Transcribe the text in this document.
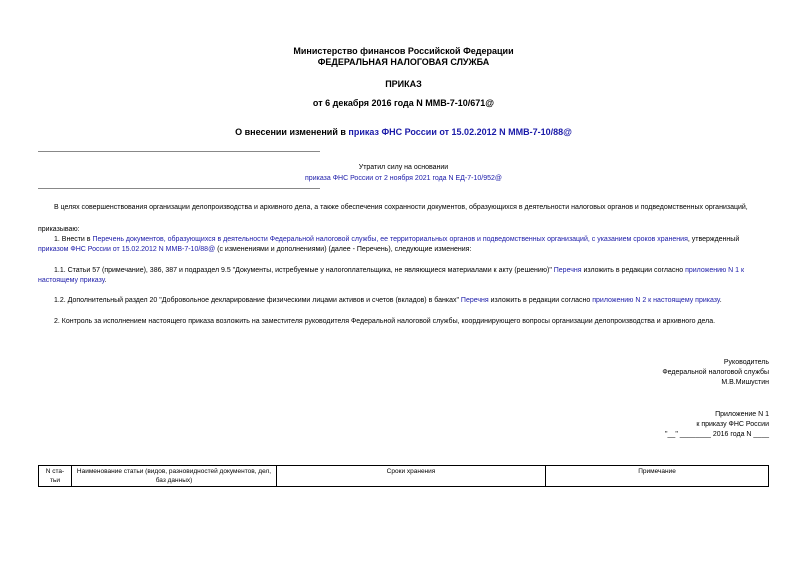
Министерство финансов Российской Федерации
ФЕДЕРАЛЬНАЯ НАЛОГОВАЯ СЛУЖБА
ПРИКАЗ
от 6 декабря 2016 года N ММВ-7-10/671@
О внесении изменений в приказ ФНС России от 15.02.2012 N ММВ-7-10/88@
Утратил силу на основании
приказа ФНС России от 2 ноября 2021 года N ЕД-7-10/952@
В целях совершенствования организации делопроизводства и архивного дела, а также обеспечения сохранности документов, образующихся в деятельности налоговых органов и подведомственных организаций,
приказываю:
1. Внести в Перечень документов, образующихся в деятельности Федеральной налоговой службы, ее территориальных органов и подведомственных организаций, с указанием сроков хранения, утвержденный приказом ФНС России от 15.02.2012 N ММВ-7-10/88@ (с изменениями и дополнениями) (далее - Перечень), следующие изменения:
1.1. Статьи 57 (примечание), 386, 387 и подраздел 9.5 "Документы, истребуемые у налогоплательщика, не являющиеся материалами к акту (решению)" Перечня изложить в редакции согласно приложению N 1 к настоящему приказу.
1.2. Дополнительный раздел 20 "Добровольное декларирование физическими лицами активов и счетов (вкладов) в банках" Перечня изложить в редакции согласно приложению N 2 к настоящему приказу.
2. Контроль за исполнением настоящего приказа возложить на заместителя руководителя Федеральной налоговой службы, координирующего вопросы организации делопроизводства и архивного дела.
Руководитель
Федеральной налоговой службы
М.В.Мишустин
Приложение N 1
к приказу ФНС России
"__" ________ 2016 года N ____
N ста-тьи	Наименование статьи (видов, разновидностей документов, дел, баз данных)	Сроки хранения	Примечание
